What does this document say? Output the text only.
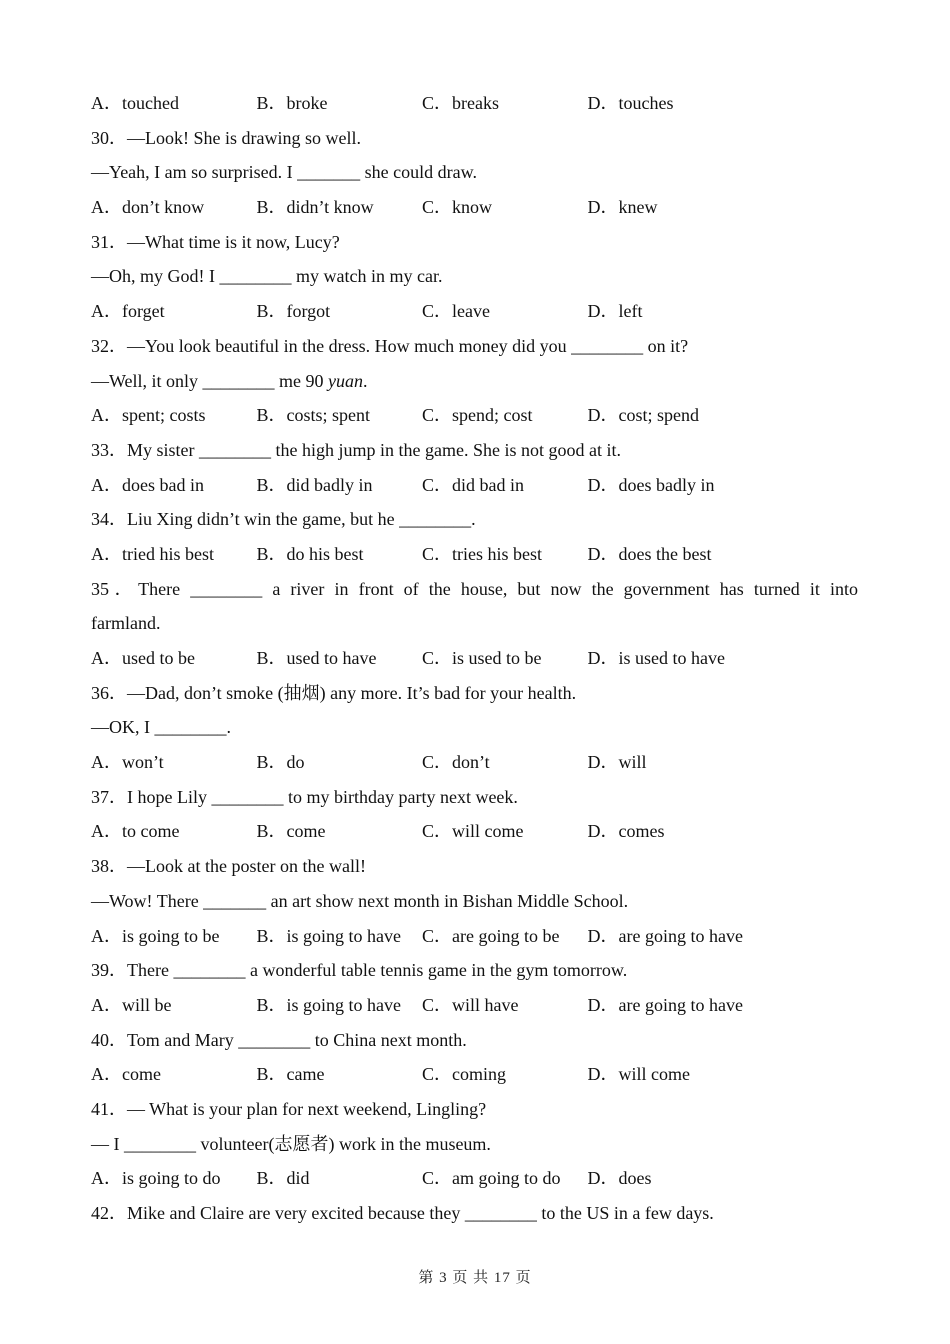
A．touched	B．broke	C．breaks	D．touches
30．—Look! She is drawing so well.
—Yeah, I am so surprised. I _______ she could draw.
A．don’t know	B．didn’t know	C．know	D．knew
31．—What time is it now, Lucy?
—Oh, my God! I ________ my watch in my car.
A．forget	B．forgot	C．leave	D．left
32．—You look beautiful in the dress. How much money did you ________ on it?
—Well, it only ________ me 90 yuan.
A．spent; costs	B．costs; spent	C．spend; cost	D．cost; spend
33．My sister ________ the high jump in the game. She is not good at it.
A．does bad in	B．did badly in	C．did bad in	D．does badly in
34．Liu Xing didn’t win the game, but he ________.
A．tried his best	B．do his best	C．tries his best	D．does the best
35．There ________ a river in front of the house, but now the government has turned it into
farmland.
A．used to be	B．used to have	C．is used to be	D．is used to have
36．—Dad, don’t smoke (抽烟) any more. It’s bad for your health.
—OK, I ________.
A．won’t	B．do	C．don’t	D．will
37．I hope Lily ________ to my birthday party next week.
A．to come	B．come	C．will come	D．comes
38．—Look at the poster on the wall!
—Wow! There _______ an art show next month in Bishan Middle School.
A．is going to be	B．is going to have	C．are going to be	D．are going to have
39．There ________ a wonderful table tennis game in the gym tomorrow.
A．will be	B．is going to have	C．will have	D．are going to have
40．Tom and Mary ________ to China next month.
A．come	B．came	C．coming	D．will come
41．— What is your plan for next weekend, Lingling?
— I ________ volunteer(志愿者) work in the museum.
A．is going to do	B．did	C．am going to do	D．does
42．Mike and Claire are very excited because they ________ to the US in a few days.
第 3 页 共 17 页
